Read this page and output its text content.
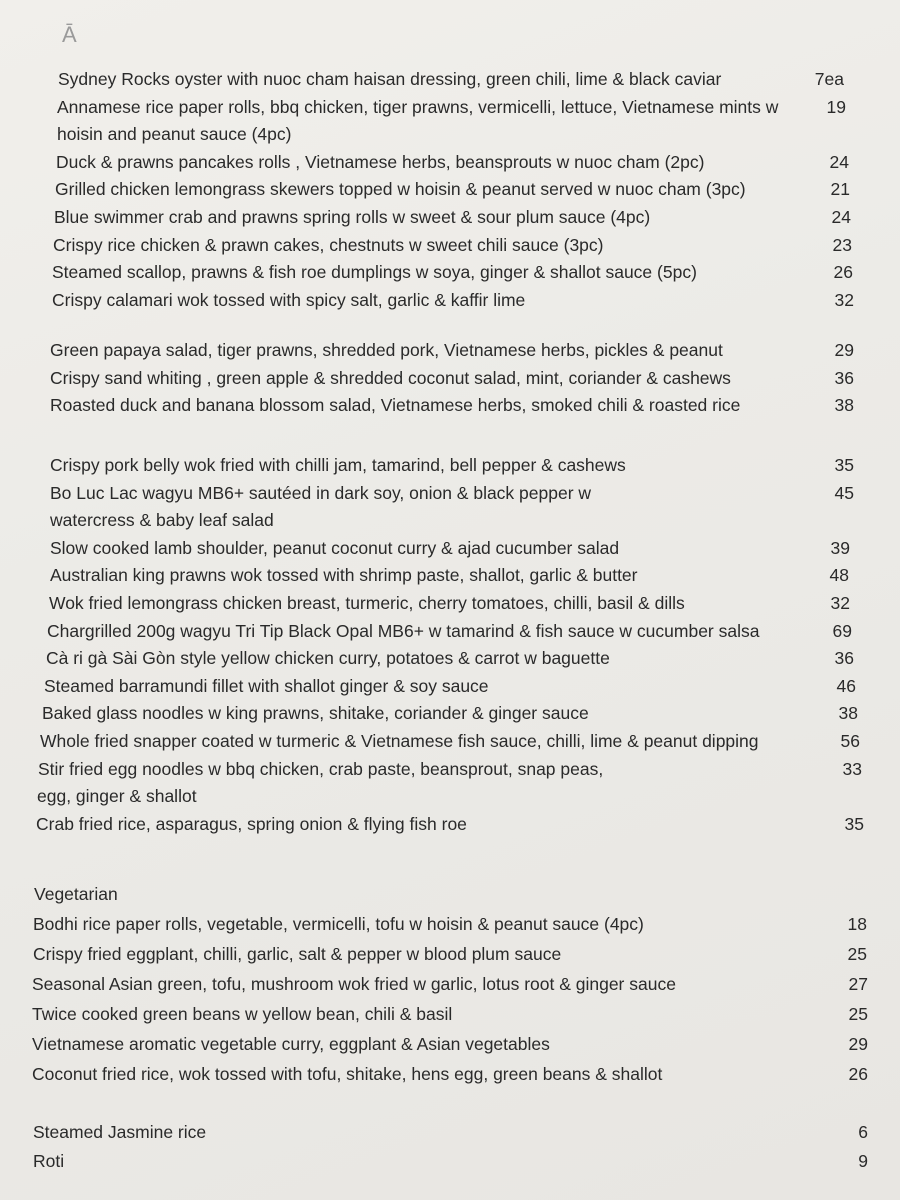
Ā
Sydney Rocks oyster with nuoc cham haisan dressing, green chili, lime & black caviar	7ea
Annamese rice paper rolls, bbq chicken, tiger prawns, vermicelli, lettuce, Vietnamese mints w	19
hoisin and peanut sauce (4pc)
Duck & prawns pancakes rolls , Vietnamese herbs, beansprouts w nuoc cham (2pc)	24
Grilled chicken lemongrass skewers topped w hoisin & peanut served w nuoc cham (3pc)	21
Blue swimmer crab and prawns spring rolls w sweet & sour plum sauce (4pc)	24
Crispy rice chicken & prawn cakes, chestnuts w sweet chili sauce (3pc)	23
Steamed scallop, prawns & fish roe dumplings w soya, ginger & shallot sauce (5pc)	26
Crispy calamari wok tossed with spicy salt, garlic & kaffir lime	32
Green papaya salad, tiger prawns, shredded pork, Vietnamese herbs, pickles & peanut	29
Crispy sand whiting , green apple & shredded coconut salad, mint, coriander & cashews	36
Roasted duck and banana blossom salad, Vietnamese herbs, smoked chili & roasted rice	38
Crispy pork belly wok fried with chilli jam, tamarind, bell pepper & cashews	35
Bo Luc Lac wagyu MB6+ sautéed in dark soy, onion & black pepper w	45
watercress & baby leaf salad
Slow cooked lamb shoulder, peanut coconut curry & ajad cucumber salad	39
Australian king prawns wok tossed with shrimp paste, shallot, garlic & butter	48
Wok fried lemongrass chicken breast, turmeric, cherry tomatoes, chilli, basil & dills	32
Chargrilled 200g wagyu Tri Tip Black Opal MB6+ w tamarind & fish sauce w cucumber salsa	69
Cà ri gà Sài Gòn style yellow chicken curry, potatoes & carrot w baguette	36
Steamed barramundi fillet with shallot ginger & soy sauce	46
Baked glass noodles w king prawns, shitake, coriander & ginger sauce	38
Whole fried snapper coated w turmeric & Vietnamese fish sauce, chilli, lime & peanut dipping	56
Stir fried egg noodles w bbq chicken, crab paste, beansprout, snap peas,	33
egg, ginger & shallot
Crab fried rice, asparagus, spring onion & flying fish roe	35
Vegetarian
Bodhi rice paper rolls, vegetable, vermicelli, tofu w hoisin & peanut sauce (4pc)	18
Crispy fried eggplant, chilli, garlic, salt & pepper w blood plum sauce	25
Seasonal Asian green, tofu, mushroom wok fried w garlic, lotus root & ginger sauce	27
Twice cooked green beans w yellow bean, chili & basil	25
Vietnamese aromatic vegetable curry, eggplant & Asian vegetables	29
Coconut fried rice, wok tossed with tofu, shitake, hens egg, green beans & shallot	26
Steamed Jasmine rice	6
Roti	9
